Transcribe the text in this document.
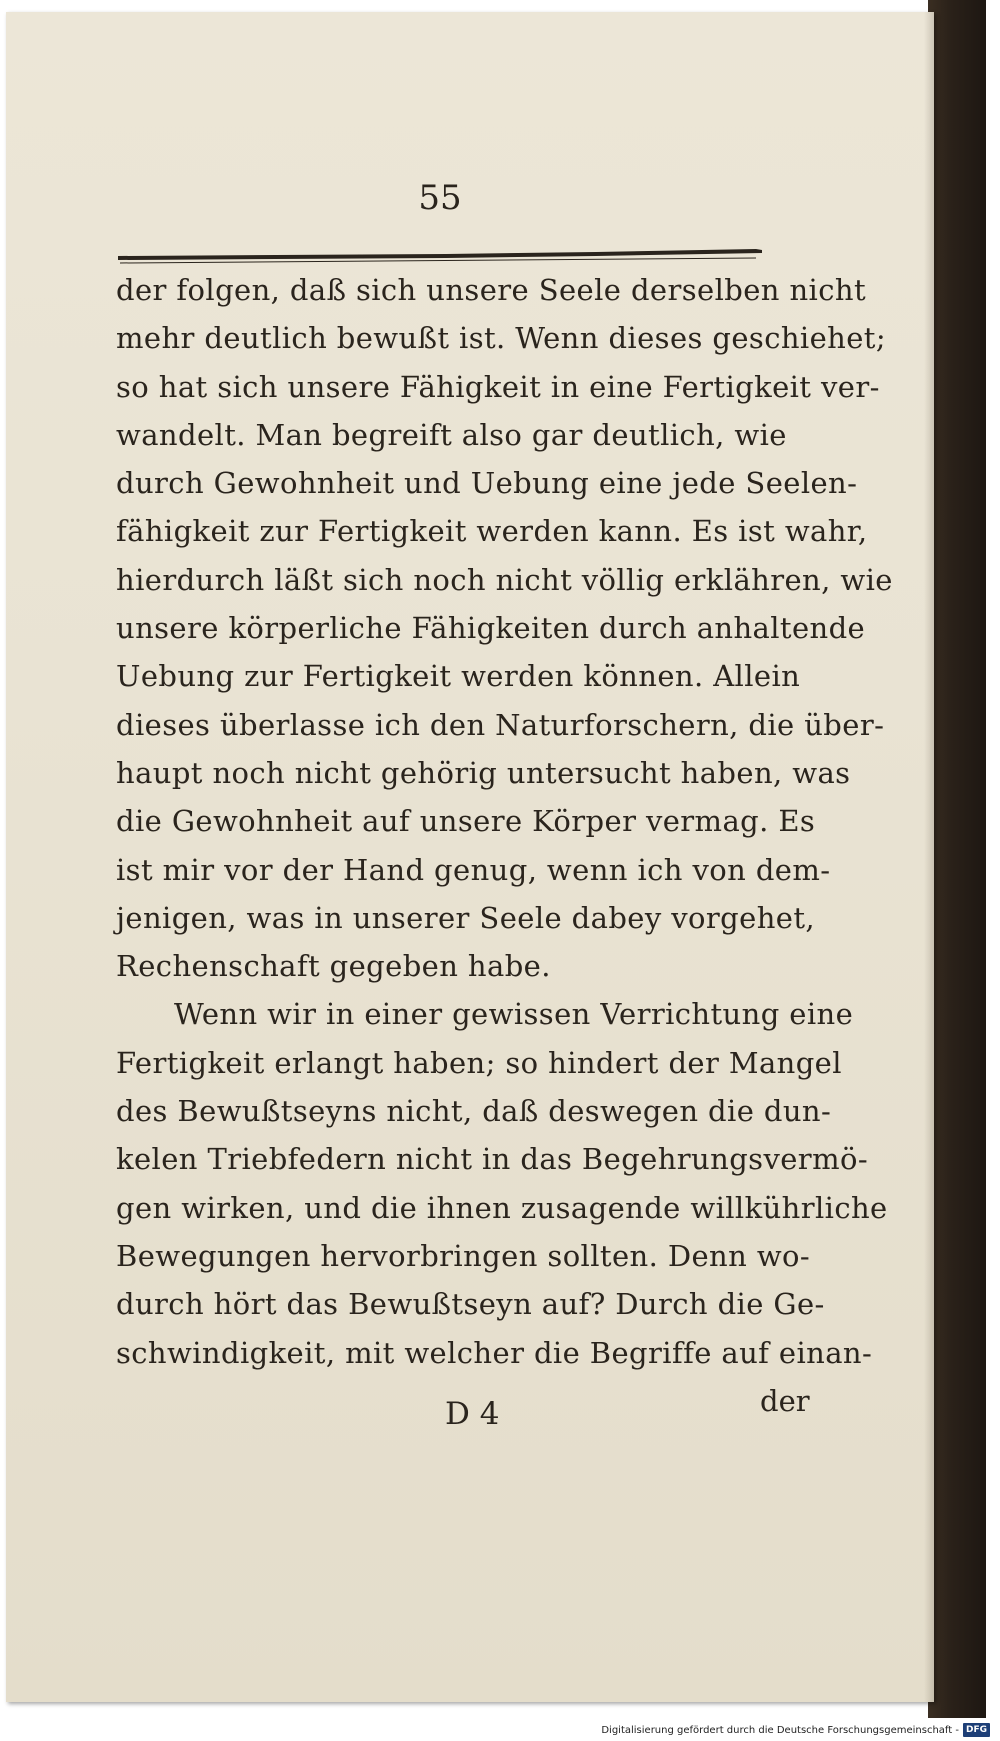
55
der folgen, daß sich unsere Seele derselben nicht
mehr deutlich bewußt ist. Wenn dieses geschiehet;
so hat sich unsere Fähigkeit in eine Fertigkeit ver-
wandelt. Man begreift also gar deutlich, wie
durch Gewohnheit und Uebung eine jede Seelen-
fähigkeit zur Fertigkeit werden kann. Es ist wahr,
hierdurch läßt sich noch nicht völlig erklähren, wie
unsere körperliche Fähigkeiten durch anhaltende
Uebung zur Fertigkeit werden können. Allein
dieses überlasse ich den Naturforschern, die über-
haupt noch nicht gehörig untersucht haben, was
die Gewohnheit auf unsere Körper vermag. Es
ist mir vor der Hand genug, wenn ich von dem-
jenigen, was in unserer Seele dabey vorgehet,
Rechenschaft gegeben habe.
Wenn wir in einer gewissen Verrichtung eine
Fertigkeit erlangt haben; so hindert der Mangel
des Bewußtseyns nicht, daß deswegen die dun-
kelen Triebfedern nicht in das Begehrungsvermö-
gen wirken, und die ihnen zusagende willkührliche
Bewegungen hervorbringen sollten. Denn wo-
durch hört das Bewußtseyn auf? Durch die Ge-
schwindigkeit, mit welcher die Begriffe auf einan-
D 4	der
Digitalisierung gefördert durch die Deutsche Forschungsgemeinschaft - DFG
